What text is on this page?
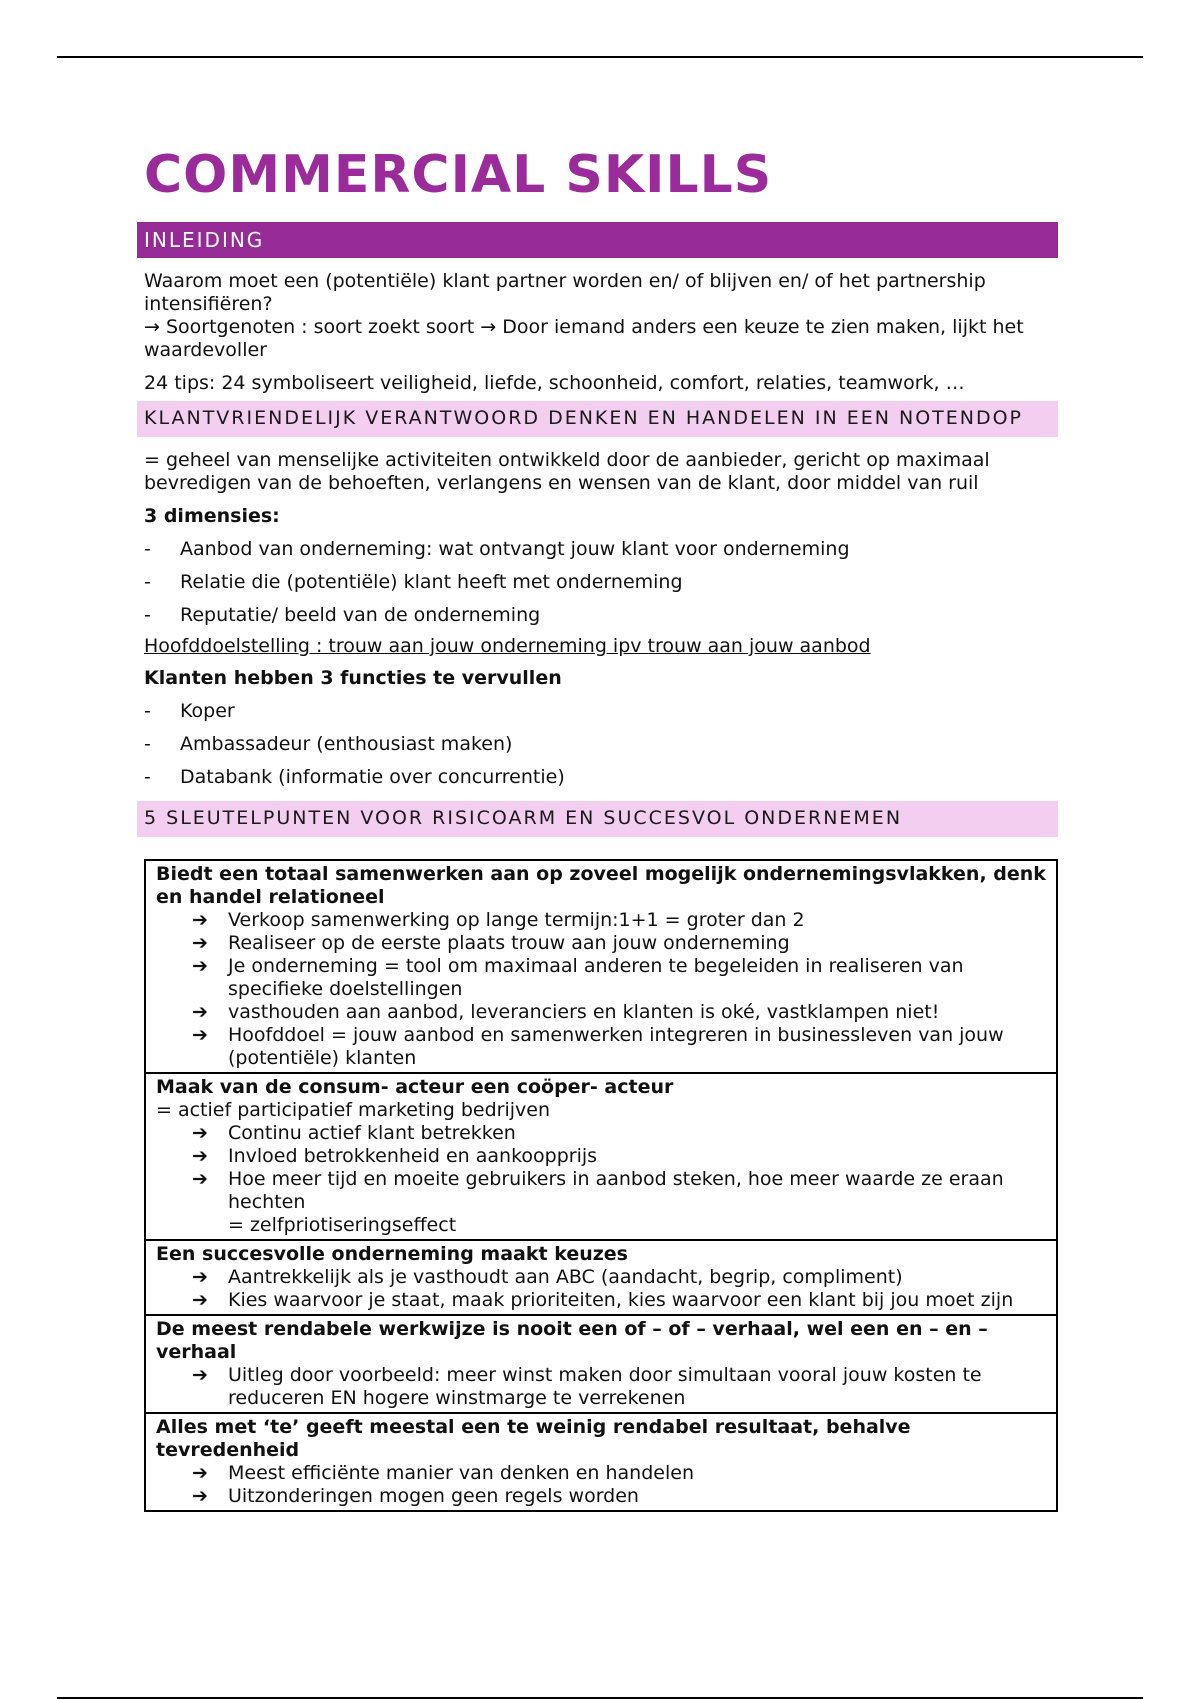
COMMERCIAL SKILLS
INLEIDING

Waarom moet een (potentiële) klant partner worden en/ of blijven en/ of het partnership intensifiëren?

→ Soortgenoten : soort zoekt soort → Door iemand anders een keuze te zien maken, lijkt het waardevoller

24 tips: 24 symboliseert veiligheid, liefde, schoonheid, comfort, relaties, teamwork, …

KLANTVRIENDELIJK VERANTWOORD DENKEN EN HANDELEN IN EEN NOTENDOP

= geheel van menselijke activiteiten ontwikkeld door de aanbieder, gericht op maximaal bevredigen van de behoeften, verlangens en wensen van de klant, door middel van ruil

3 dimensies:

- Aanbod van onderneming: wat ontvangt jouw klant voor onderneming
- Relatie die (potentiële) klant heeft met onderneming
- Reputatie/ beeld van de onderneming

Hoofddoelstelling : trouw aan jouw onderneming ipv trouw aan jouw aanbod

Klanten hebben 3 functies te vervullen

- Koper
- Ambassadeur (enthousiast maken)
- Databank (informatie over concurrentie)
5 SLEUTELPUNTEN VOOR RISICOARM EN SUCCESVOL ONDERNEMEN

Biedt een totaal samenwerken aan op zoveel mogelijk ondernemingsvlakken, denk en handel relationeel

➔ Verkoop samenwerking op lange termijn:1+1 = groter dan 2
➔ Realiseer op de eerste plaats trouw aan jouw onderneming
➔ Je onderneming = tool om maximaal anderen te begeleiden in realiseren van specifieke doelstellingen
➔ vasthouden aan aanbod, leveranciers en klanten is oké, vastklampen niet!
➔ Hoofddoel = jouw aanbod en samenwerken integreren in businessleven van jouw (potentiële) klanten

Maak van de consum- acteur een coöper- acteur

= actief participatief marketing bedrijven

➔ Continu actief klant betrekken
➔ Invloed betrokkenheid en aankoopprijs
➔ Hoe meer tijd en moeite gebruikers in aanbod steken, hoe meer waarde ze eraan hechten
= zelfpriotiseringseffect

Een succesvolle onderneming maakt keuzes

➔ Aantrekkelijk als je vasthoudt aan ABC (aandacht, begrip, compliment)
➔ Kies waarvoor je staat, maak prioriteiten, kies waarvoor een klant bij jou moet zijn

De meest rendabele werkwijze is nooit een of – of – verhaal, wel een en – en – verhaal

➔ Uitleg door voorbeeld: meer winst maken door simultaan vooral jouw kosten te reduceren EN hogere winstmarge te verrekenen

Alles met ‘te’ geeft meestal een te weinig rendabel resultaat, behalve tevredenheid

➔ Meest efficiënte manier van denken en handelen
➔ Uitzonderingen mogen geen regels worden
